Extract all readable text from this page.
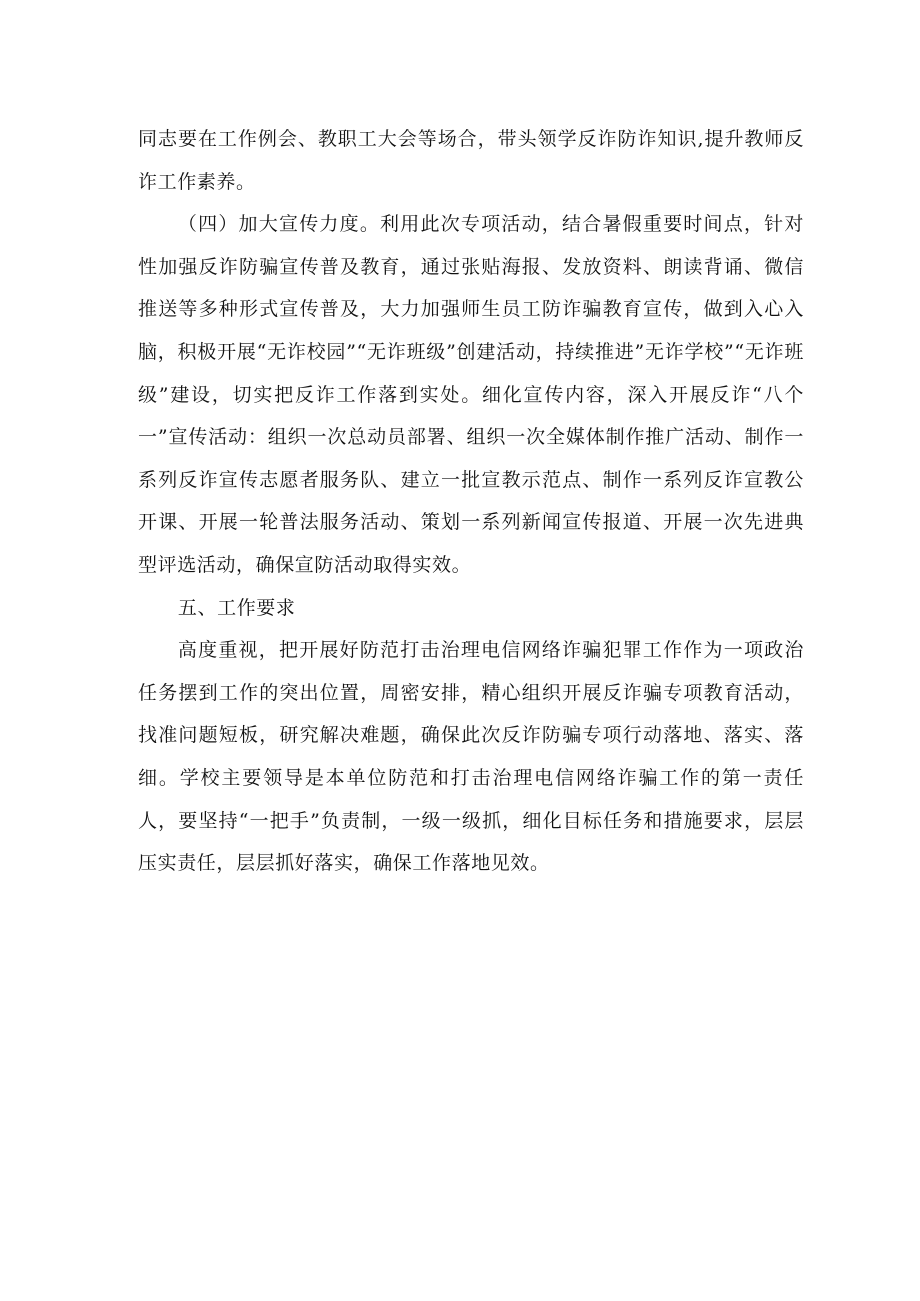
同志要在工作例会、教职工大会等场合，带头领学反诈防诈知识,提升教师反诈工作素养。

（四）加大宣传力度。利用此次专项活动，结合暑假重要时间点，针对性加强反诈防骗宣传普及教育，通过张贴海报、发放资料、朗读背诵、微信推送等多种形式宣传普及，大力加强师生员工防诈骗教育宣传，做到入心入脑，积极开展“无诈校园”“无诈班级”创建活动，持续推进”无诈学校”“无诈班级”建设，切实把反诈工作落到实处。细化宣传内容，深入开展反诈“八个一”宣传活动：组织一次总动员部署、组织一次全媒体制作推广活动、制作一系列反诈宣传志愿者服务队、建立一批宣教示范点、制作一系列反诈宣教公开课、开展一轮普法服务活动、策划一系列新闻宣传报道、开展一次先进典型评选活动，确保宣防活动取得实效。

五、工作要求

高度重视，把开展好防范打击治理电信网络诈骗犯罪工作作为一项政治任务摆到工作的突出位置，周密安排，精心组织开展反诈骗专项教育活动，找准问题短板，研究解决难题，确保此次反诈防骗专项行动落地、落实、落细。学校主要领导是本单位防范和打击治理电信网络诈骗工作的第一责任人，要坚持“一把手”负责制，一级一级抓，细化目标任务和措施要求，层层压实责任，层层抓好落实，确保工作落地见效。
